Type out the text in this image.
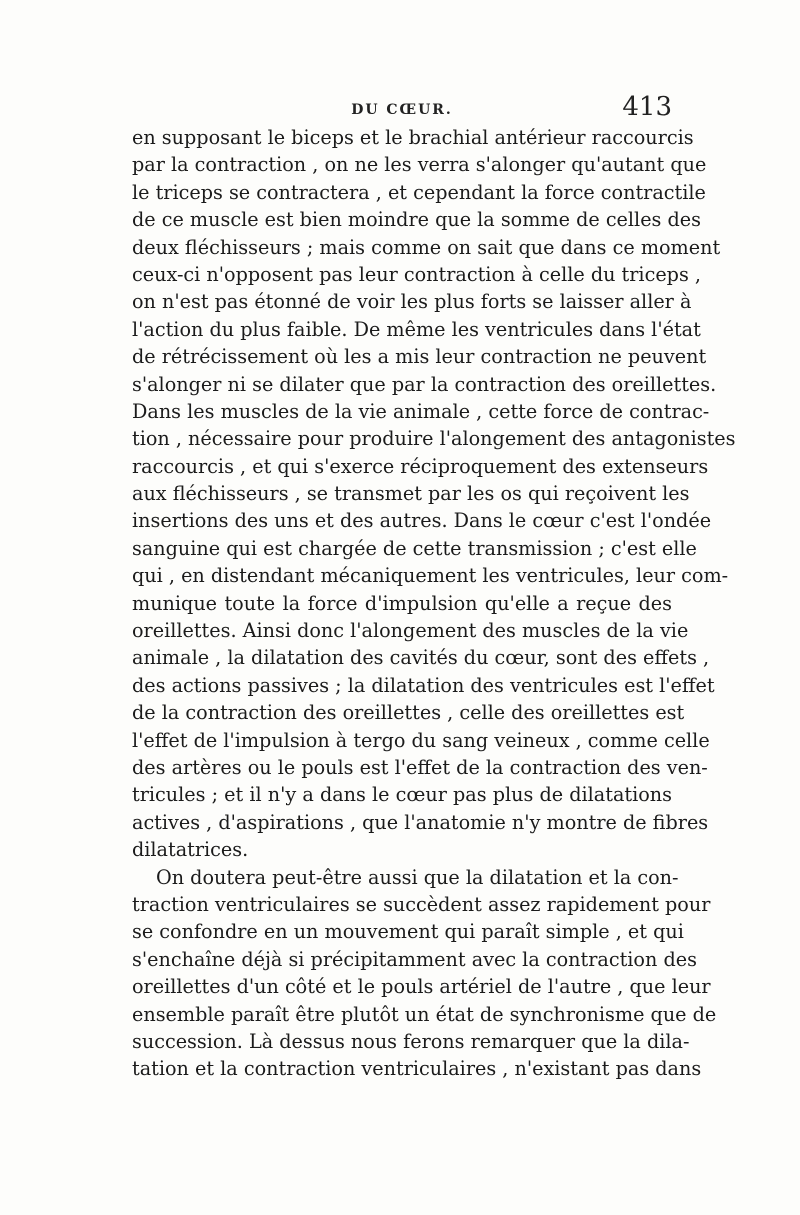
DU CŒUR.	413
en supposant le biceps et le brachial antérieur raccourcis
par la contraction , on ne les verra s'alonger qu'autant que
le triceps se contractera , et cependant la force contractile
de ce muscle est bien moindre que la somme de celles des
deux fléchisseurs ; mais comme on sait que dans ce moment
ceux-ci n'opposent pas leur contraction à celle du triceps ,
on n'est pas étonné de voir les plus forts se laisser aller à
l'action du plus faible. De même les ventricules dans l'état
de rétrécissement où les a mis leur contraction ne peuvent
s'alonger ni se dilater que par la contraction des oreillettes.
Dans les muscles de la vie animale , cette force de contrac-
tion , nécessaire pour produire l'alongement des antagonistes
raccourcis , et qui s'exerce réciproquement des extenseurs
aux fléchisseurs , se transmet par les os qui reçoivent les
insertions des uns et des autres. Dans le cœur c'est l'ondée
sanguine qui est chargée de cette transmission ; c'est elle
qui , en distendant mécaniquement les ventricules, leur com-
munique toute la force d'impulsion qu'elle a reçue des
oreillettes. Ainsi donc l'alongement des muscles de la vie
animale , la dilatation des cavités du cœur, sont des effets ,
des actions passives ; la dilatation des ventricules est l'effet
de la contraction des oreillettes , celle des oreillettes est
l'effet de l'impulsion à tergo du sang veineux , comme celle
des artères ou le pouls est l'effet de la contraction des ven-
tricules ; et il n'y a dans le cœur pas plus de dilatations
actives , d'aspirations , que l'anatomie n'y montre de fibres
dilatatrices.
On doutera peut-être aussi que la dilatation et la con-
traction ventriculaires se succèdent assez rapidement pour
se confondre en un mouvement qui paraît simple , et qui
s'enchaîne déjà si précipitamment avec la contraction des
oreillettes d'un côté et le pouls artériel de l'autre , que leur
ensemble paraît être plutôt un état de synchronisme que de
succession. Là dessus nous ferons remarquer que la dila-
tation et la contraction ventriculaires , n'existant pas dans
